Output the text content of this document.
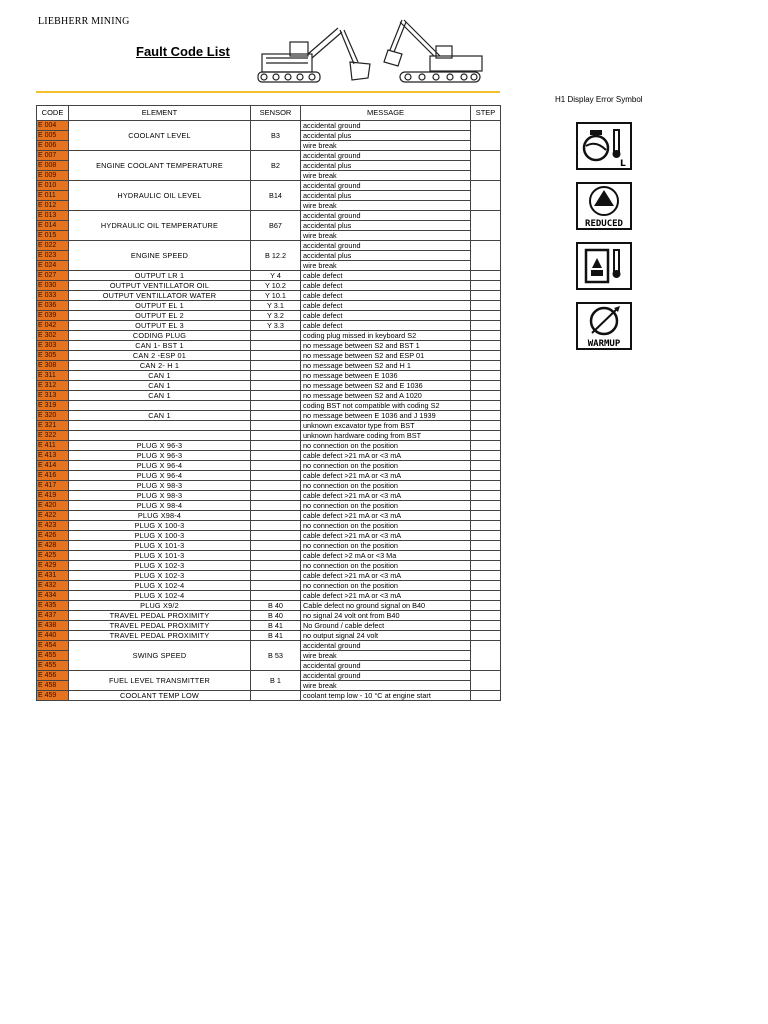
LIEBHERR MINING
Fault Code List
H1 Display Error Symbol
CODE	ELEMENT	SENSOR	MESSAGE	STEP
E 004	COOLANT LEVEL	B3	accidental ground	
E 005			accidental plus	
E 006			wire break	
E 007	ENGINE COOLANT TEMPERATURE	B2	accidental ground	
E 008			accidental plus	
E 009			wire break	
E 010	HYDRAULIC OIL LEVEL	B14	accidental ground	
E 011			accidental plus	
E 012			wire break	
E 013	HYDRAULIC OIL TEMPERATURE	B67	accidental ground	
E 014			accidental plus	
E 015			wire break	
E 022	ENGINE SPEED	B 12.2	accidental ground	
E 023			accidental plus	
E 024			wire break	
E 027	OUTPUT LR 1	Y 4	cable defect	
E 030	OUTPUT VENTILLATOR OIL	Y 10.2	cable defect	
E 033	OUTPUT VENTILLATOR WATER	Y 10.1	cable defect	
E 036	OUTPUT EL 1	Y 3.1	cable defect	
E 039	OUTPUT EL 2	Y 3.2	cable defect	
E 042	OUTPUT EL 3	Y 3.3	cable defect	
E 302	CODING PLUG		coding plug missed in keyboard S2	
E 303	CAN 1- BST 1		no message between S2 and BST 1	
E 305	CAN 2 -ESP 01		no message between S2 and ESP 01	
E 308	CAN 2- H 1		no message between S2 and H 1	
E 311	CAN 1		no message between E 1036	
E 312	CAN 1		no message between S2 and E 1036	
E 313	CAN 1		no message between S2 and A 1020	
E 319			coding BST not compatible with coding S2	
E 320	CAN 1		no message between E 1036 and J 1939	
E 321			unknown excavator type from BST	
E 322			unknown hardware coding from BST	
E 411	PLUG X 96-3		no connection on the position	
E 413	PLUG X 96-3		cable defect >21 mA or <3 mA	
E 414	PLUG X 96-4		no connection on the position	
E 416	PLUG X 96-4		cable defect >21 mA or <3 mA	
E 417	PLUG X 98-3		no connection on the position	
E 419	PLUG X 98-3		cable defect >21 mA or <3 mA	
E 420	PLUG X 98-4		no connection on the position	
E 422	PLUG X98-4		cable defect >21 mA or <3 mA	
E 423	PLUG X 100-3		no connection on the position	
E 426	PLUG X 100-3		cable defect >21 mA or <3 mA	
E 428	PLUG X 101-3		no connection on the position	
E 425	PLUG X 101-3		cable defect >2 mA or <3 Ma	
E 429	PLUG X 102-3		no connection on the position	
E 431	PLUG X 102-3		cable defect >21 mA or <3 mA	
E 432	PLUG X 102-4		no connection on the position	
E 434	PLUG X 102-4		cable defect >21 mA or <3 mA	
E 435	PLUG X9/2	B 40	Cable defect no ground signal on B40	
E 437	TRAVEL PEDAL PROXIMITY	B 40	no signal 24 volt ont from B40	
E 438	TRAVEL PEDAL PROXIMITY	B 41	No Ground / cable defect	
E 440	TRAVEL PEDAL PROXIMITY	B 41	no output signal 24 volt	
E 454	SWING SPEED	B 53	accidental ground	
E 455			wire break	
E 455			accidental ground	
E 456	FUEL LEVEL TRANSMITTER	B 1	accidental ground	
E 458			wire break	
E 459	COOLANT TEMP LOW		coolant temp low - 10 °C at engine start	
L
REDUCED
WARMUP
